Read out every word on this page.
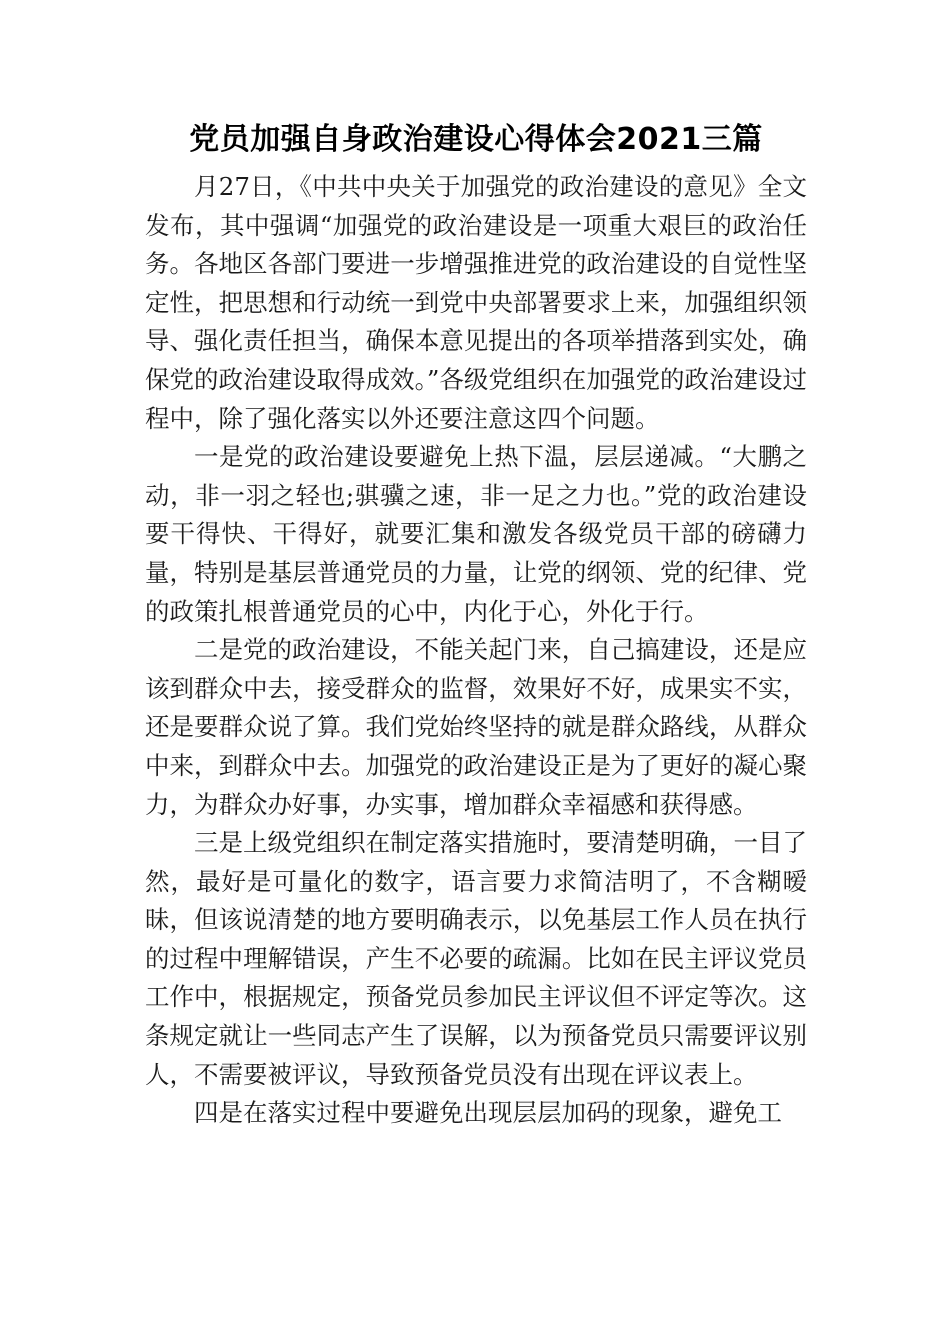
党员加强自身政治建设心得体会2021三篇

月27日，《中共中央关于加强党的政治建设的意见》全文发布，其中强调“加强党的政治建设是一项重大艰巨的政治任务。各地区各部门要进一步增强推进党的政治建设的自觉性坚定性，把思想和行动统一到党中央部署要求上来，加强组织领导、强化责任担当，确保本意见提出的各项举措落到实处，确保党的政治建设取得成效。”各级党组织在加强党的政治建设过程中，除了强化落实以外还要注意这四个问题。

一是党的政治建设要避免上热下温，层层递减。“大鹏之动，非一羽之轻也;骐骥之速，非一足之力也。”党的政治建设要干得快、干得好，就要汇集和激发各级党员干部的磅礴力量，特别是基层普通党员的力量，让党的纲领、党的纪律、党的政策扎根普通党员的心中，内化于心，外化于行。

二是党的政治建设，不能关起门来，自己搞建设，还是应该到群众中去，接受群众的监督，效果好不好，成果实不实，还是要群众说了算。我们党始终坚持的就是群众路线，从群众中来，到群众中去。加强党的政治建设正是为了更好的凝心聚力，为群众办好事，办实事，增加群众幸福感和获得感。

三是上级党组织在制定落实措施时，要清楚明确，一目了然，最好是可量化的数字，语言要力求简洁明了，不含糊暧昧，但该说清楚的地方要明确表示，以免基层工作人员在执行的过程中理解错误，产生不必要的疏漏。比如在民主评议党员工作中，根据规定，预备党员参加民主评议但不评定等次。这条规定就让一些同志产生了误解，以为预备党员只需要评议别人，不需要被评议，导致预备党员没有出现在评议表上。

四是在落实过程中要避免出现层层加码的现象，避免工
